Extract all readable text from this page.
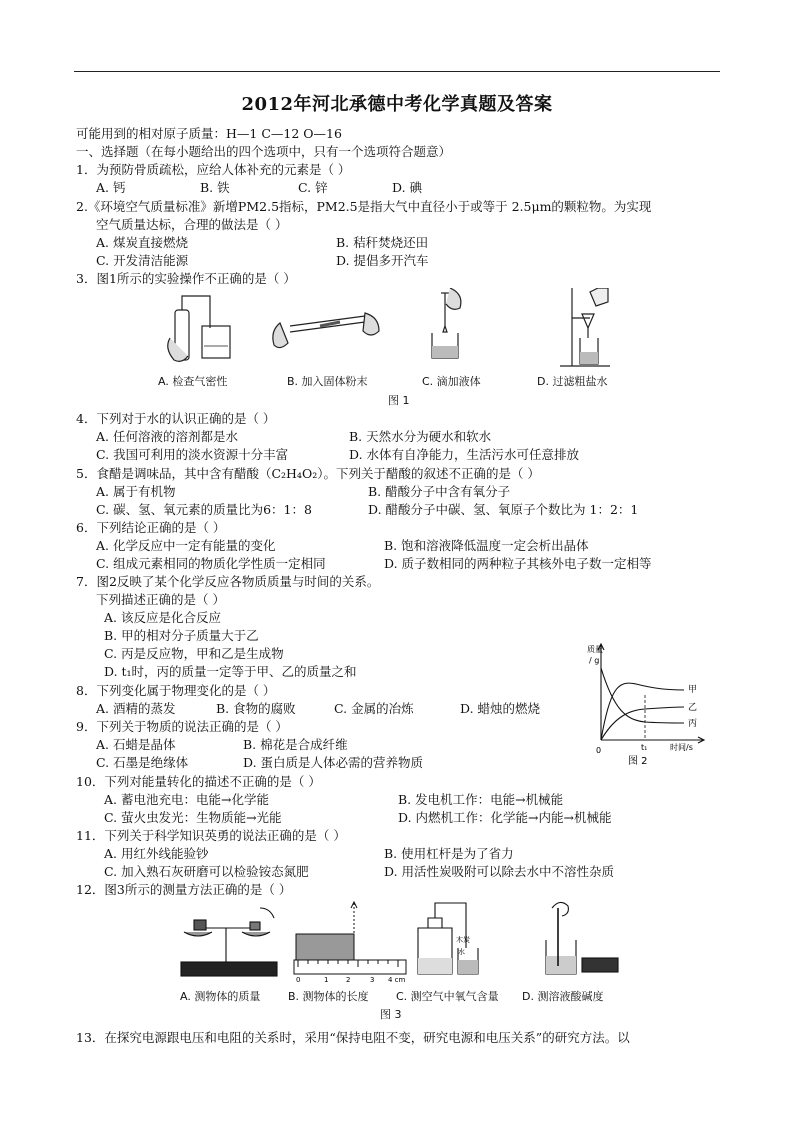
2012年河北承德中考化学真题及答案
可能用到的相对原子质量：H—1 C—12 O—16
一、选择题（在每小题给出的四个选项中，只有一个选项符合题意）
1．为预防骨质疏松，应给人体补充的元素是（ ）
A. 钙	B. 铁	C. 锌	D. 碘
2.《环境空气质量标准》新增PM2.5指标，PM2.5是指大气中直径小于或等于 2.5μm的颗粒物。为实现
空气质量达标，合理的做法是（ ）
A. 煤炭直接燃烧	B. 秸秆焚烧还田
C. 开发清洁能源	D. 提倡多开汽车
3．图1所示的实验操作不正确的是（ ）
A. 检查气密性	B. 加入固体粉末	C. 滴加液体	D. 过滤粗盐水
图 1
4．下列对于水的认识正确的是（ ）
A. 任何溶液的溶剂都是水	B. 天然水分为硬水和软水
C. 我国可利用的淡水资源十分丰富	D. 水体有自净能力，生活污水可任意排放
5．食醋是调味品，其中含有醋酸（C₂H₄O₂）。下列关于醋酸的叙述不正确的是（ ）
A. 属于有机物	B. 醋酸分子中含有氧分子
C. 碳、氢、氧元素的质量比为6：1：8	D. 醋酸分子中碳、氢、氧原子个数比为 1：2：1
6．下列结论正确的是（ ）
A. 化学反应中一定有能量的变化	B. 饱和溶液降低温度一定会析出晶体
C. 组成元素相同的物质化学性质一定相同	D. 质子数相同的两种粒子其核外电子数一定相等
7．图2反映了某个化学反应各物质质量与时间的关系。
下列描述正确的是（ ）
A. 该反应是化合反应
B. 甲的相对分子质量大于乙
C. 丙是反应物，甲和乙是生成物
D. t₁时，丙的质量一定等于甲、乙的质量之和
8．下列变化属于物理变化的是（ ）
A. 酒精的蒸发	B. 食物的腐败	C. 金属的冶炼	D. 蜡烛的燃烧
9．下列关于物质的说法正确的是（ ）
A. 石蜡是晶体	B. 棉花是合成纤维
C. 石墨是绝缘体	D. 蛋白质是人体必需的营养物质
质量
/ g
0	t₁	时间/s
甲
乙
丙
图 2
10．下列对能量转化的描述不正确的是（ ）
A. 蓄电池充电：电能→化学能	B. 发电机工作：电能→机械能
C. 萤火虫发光：生物质能→光能	D. 内燃机工作：化学能→内能→机械能
11．下列关于科学知识英勇的说法正确的是（ ）
A. 用红外线能验钞	B. 使用杠杆是为了省力
C. 加入熟石灰研磨可以检验铵态氮肥	D. 用活性炭吸附可以除去水中不溶性杂质
12．图3所示的测量方法正确的是（ ）
0	1	2	3 4 cm
木炭
水
A. 测物体的质量	B. 测物体的长度 C. 测空气中氧气含量 D. 测溶液酸碱度
图 3
13．在探究电源跟电压和电阻的关系时，采用“保持电阻不变，研究电源和电压关系”的研究方法。以
